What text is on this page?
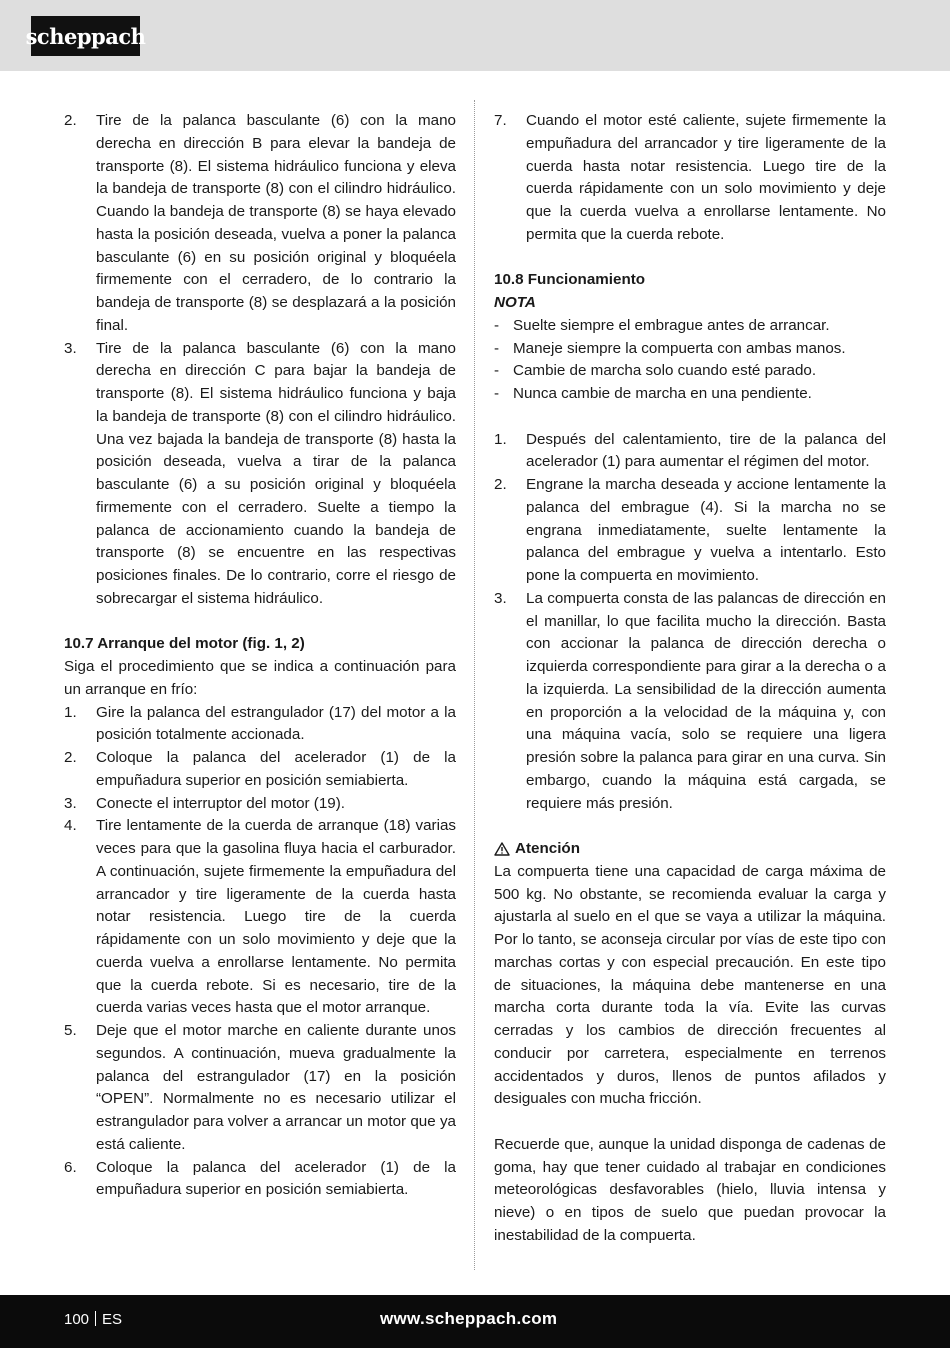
scheppach
2.	Tire de la palanca basculante (6) con la mano derecha en dirección B para elevar la bandeja de transporte (8). El sistema hidráulico funciona y eleva la bandeja de transporte (8) con el cilindro hidráulico. Cuando la bandeja de transporte (8) se haya elevado hasta la posición deseada, vuelva a poner la palanca basculante (6) en su posición original y bloquéela firmemente con el cerradero, de lo contrario la bandeja de transporte (8) se desplazará a la posición final.
3.	Tire de la palanca basculante (6) con la mano derecha en dirección C para bajar la bandeja de transporte (8). El sistema hidráulico funciona y baja la bandeja de transporte (8) con el cilindro hidráulico. Una vez bajada la bandeja de transporte (8) hasta la posición deseada, vuelva a tirar de la palanca basculante (6) a su posición original y bloquéela firmemente con el cerradero. Suelte a tiempo la palanca de accionamiento cuando la bandeja de transporte (8) se encuentre en las respectivas posiciones finales. De lo contrario, corre el riesgo de sobrecargar el sistema hidráulico.
10.7 Arranque del motor (fig. 1, 2)

Siga el procedimiento que se indica a continuación para un arranque en frío:

1.	Gire la palanca del estrangulador (17) del motor a la posición totalmente accionada.
2.	Coloque la palanca del acelerador (1) de la empuñadura superior en posición semiabierta.
3.	Conecte el interruptor del motor (19).
4.	Tire lentamente de la cuerda de arranque (18) varias veces para que la gasolina fluya hacia el carburador. A continuación, sujete firmemente la empuñadura del arrancador y tire ligeramente de la cuerda hasta notar resistencia. Luego tire de la cuerda rápidamente con un solo movimiento y deje que la cuerda vuelva a enrollarse lentamente. No permita que la cuerda rebote. Si es necesario, tire de la cuerda varias veces hasta que el motor arranque.
5.	Deje que el motor marche en caliente durante unos segundos. A continuación, mueva gradualmente la palanca del estrangulador (17) en la posición “OPEN”. Normalmente no es necesario utilizar el estrangulador para volver a arrancar un motor que ya está caliente.
6.	Coloque la palanca del acelerador (1) de la empuñadura superior en posición semiabierta.
7.	Cuando el motor esté caliente, sujete firmemente la empuñadura del arrancador y tire ligeramente de la cuerda hasta notar resistencia. Luego tire de la cuerda rápidamente con un solo movimiento y deje que la cuerda vuelva a enrollarse lentamente. No permita que la cuerda rebote.
10.8 Funcionamiento
NOTA
- Suelte siempre el embrague antes de arrancar.
- Maneje siempre la compuerta con ambas manos.
- Cambie de marcha solo cuando esté parado.
- Nunca cambie de marcha en una pendiente.
1.	Después del calentamiento, tire de la palanca del acelerador (1) para aumentar el régimen del motor.
2.	Engrane la marcha deseada y accione lentamente la palanca del embrague (4). Si la marcha no se engrana inmediatamente, suelte lentamente la palanca del embrague y vuelva a intentarlo. Esto pone la compuerta en movimiento.
3.	La compuerta consta de las palancas de dirección en el manillar, lo que facilita mucho la dirección. Basta con accionar la palanca de dirección derecha o izquierda correspondiente para girar a la derecha o a la izquierda. La sensibilidad de la dirección aumenta en proporción a la velocidad de la máquina y, con una máquina vacía, solo se requiere una ligera presión sobre la palanca para girar en una curva. Sin embargo, cuando la máquina está cargada, se requiere más presión.
Atención

La compuerta tiene una capacidad de carga máxima de 500 kg. No obstante, se recomienda evaluar la carga y ajustarla al suelo en el que se vaya a utilizar la máquina. Por lo tanto, se aconseja circular por vías de este tipo con marchas cortas y con especial precaución. En este tipo de situaciones, la máquina debe mantenerse en una marcha corta durante toda la vía. Evite las curvas cerradas y los cambios de dirección frecuentes al conducir por carretera, especialmente en terrenos accidentados y duros, llenos de puntos afilados y desiguales con mucha fricción.

Recuerde que, aunque la unidad disponga de cadenas de goma, hay que tener cuidado al trabajar en condiciones meteorológicas desfavorables (hielo, lluvia intensa y nieve) o en tipos de suelo que puedan provocar la inestabilidad de la compuerta.

100 ES	www.scheppach.com
